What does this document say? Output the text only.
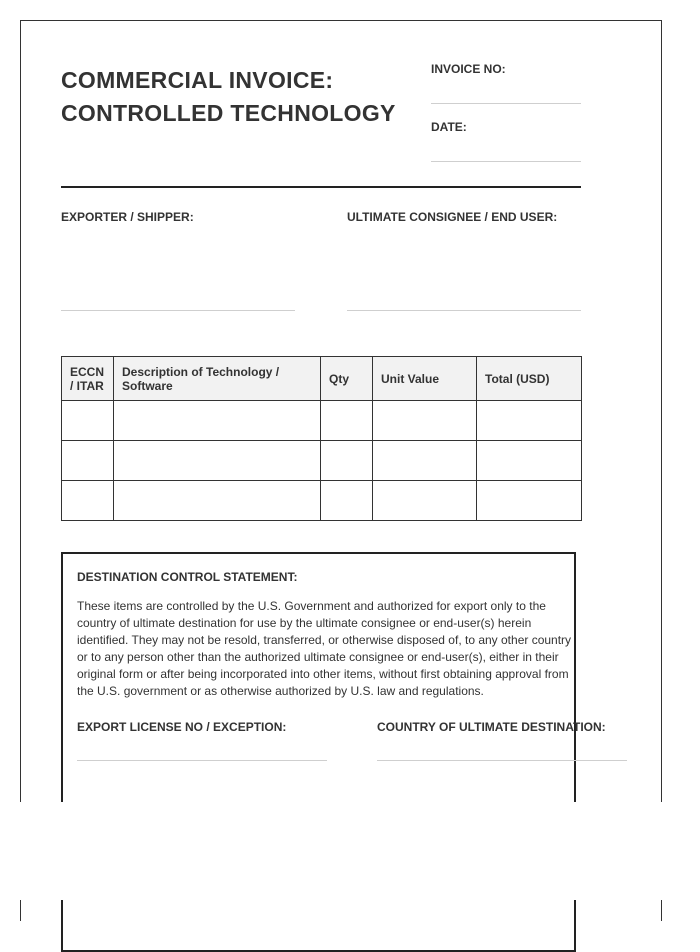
COMMERCIAL INVOICE:
CONTROLLED TECHNOLOGY
INVOICE NO:
DATE:
EXPORTER / SHIPPER:	ULTIMATE CONSIGNEE / END USER:
ECCN / ITAR	Description of Technology / Software	Qty	Unit Value	Total (USD)

DESTINATION CONTROL STATEMENT:

These items are controlled by the U.S. Government and authorized for export only to the country of ultimate destination for use by the ultimate consignee or end-user(s) herein identified. They may not be resold, transferred, or otherwise disposed of, to any other country or to any person other than the authorized ultimate consignee or end-user(s), either in their original form or after being incorporated into other items, without first obtaining approval from the U.S. government or as otherwise authorized by U.S. law and regulations.

EXPORT LICENSE NO / EXCEPTION:	COUNTRY OF ULTIMATE DESTINATION:
